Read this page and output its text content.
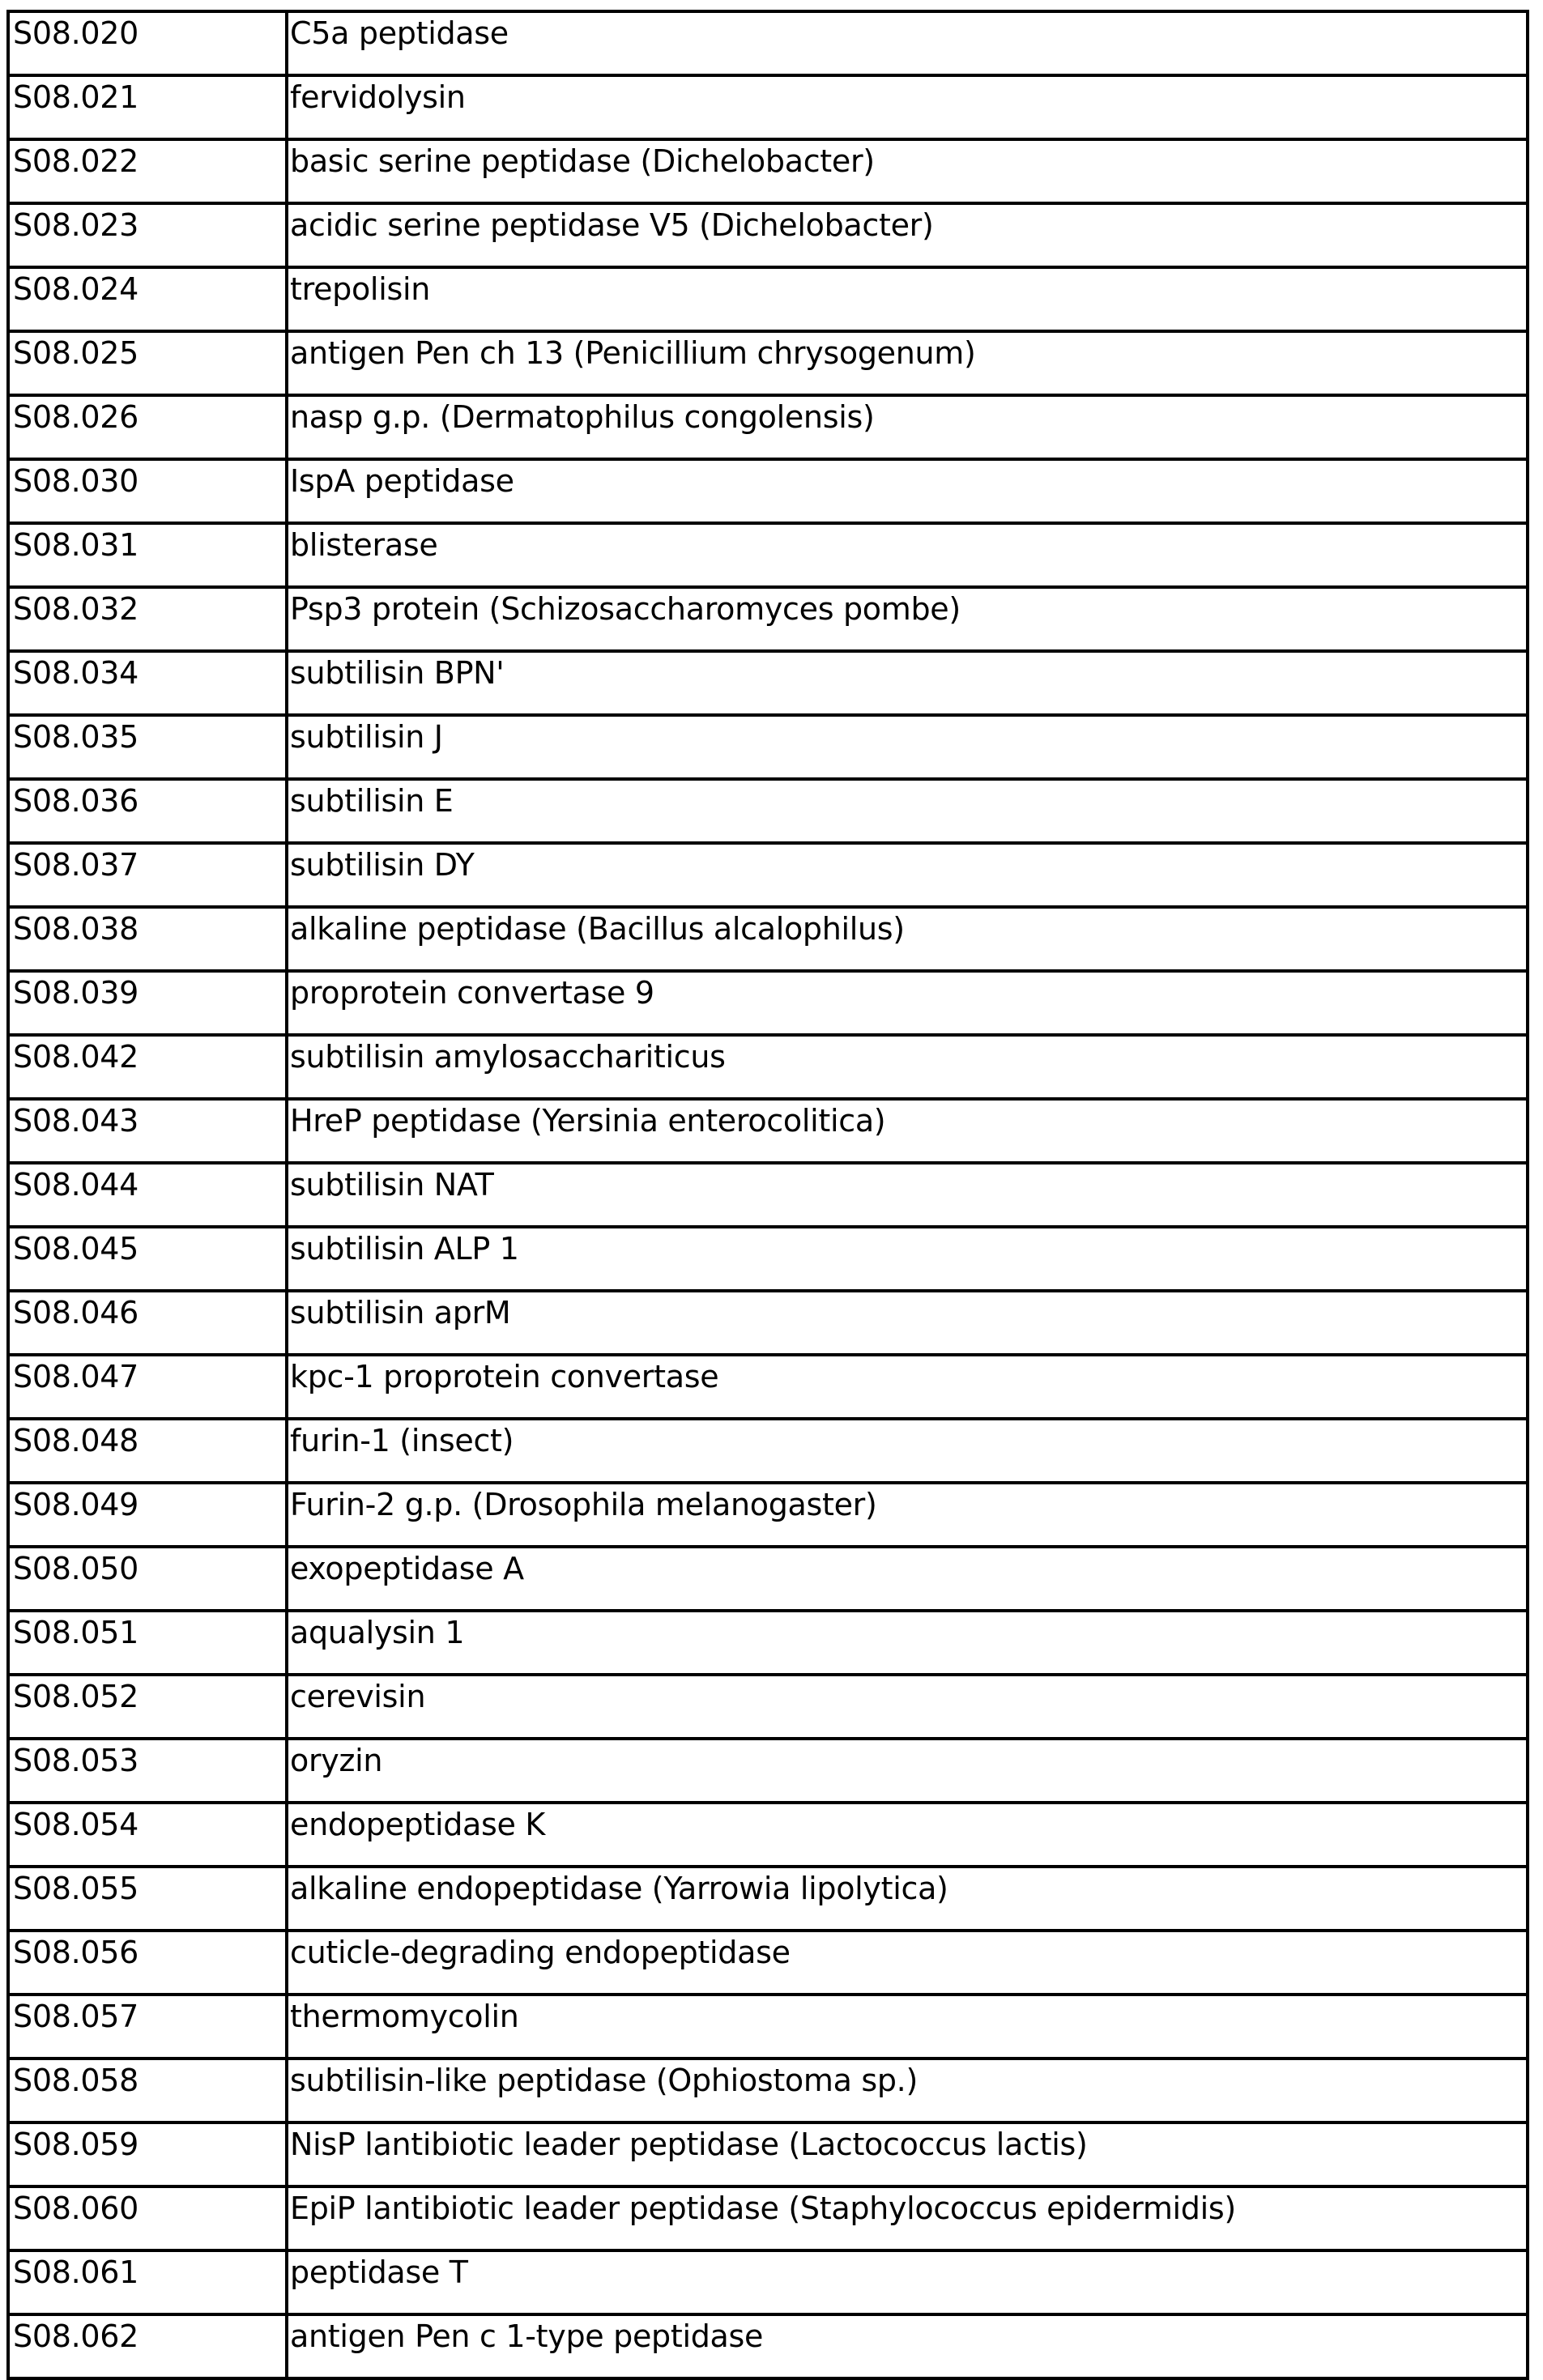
S08.020	C5a peptidase
S08.021	fervidolysin
S08.022	basic serine peptidase (Dichelobacter)
S08.023	acidic serine peptidase V5 (Dichelobacter)
S08.024	trepolisin
S08.025	antigen Pen ch 13 (Penicillium chrysogenum)
S08.026	nasp g.p. (Dermatophilus congolensis)
S08.030	IspA peptidase
S08.031	blisterase
S08.032	Psp3 protein (Schizosaccharomyces pombe)
S08.034	subtilisin BPN'
S08.035	subtilisin J
S08.036	subtilisin E
S08.037	subtilisin DY
S08.038	alkaline peptidase (Bacillus alcalophilus)
S08.039	proprotein convertase 9
S08.042	subtilisin amylosacchariticus
S08.043	HreP peptidase (Yersinia enterocolitica)
S08.044	subtilisin NAT
S08.045	subtilisin ALP 1
S08.046	subtilisin aprM
S08.047	kpc-1 proprotein convertase
S08.048	furin-1 (insect)
S08.049	Furin-2 g.p. (Drosophila melanogaster)
S08.050	exopeptidase A
S08.051	aqualysin 1
S08.052	cerevisin
S08.053	oryzin
S08.054	endopeptidase K
S08.055	alkaline endopeptidase (Yarrowia lipolytica)
S08.056	cuticle-degrading endopeptidase
S08.057	thermomycolin
S08.058	subtilisin-like peptidase (Ophiostoma sp.)
S08.059	NisP lantibiotic leader peptidase (Lactococcus lactis)
S08.060	EpiP lantibiotic leader peptidase (Staphylococcus epidermidis)
S08.061	peptidase T
S08.062	antigen Pen c 1-type peptidase
